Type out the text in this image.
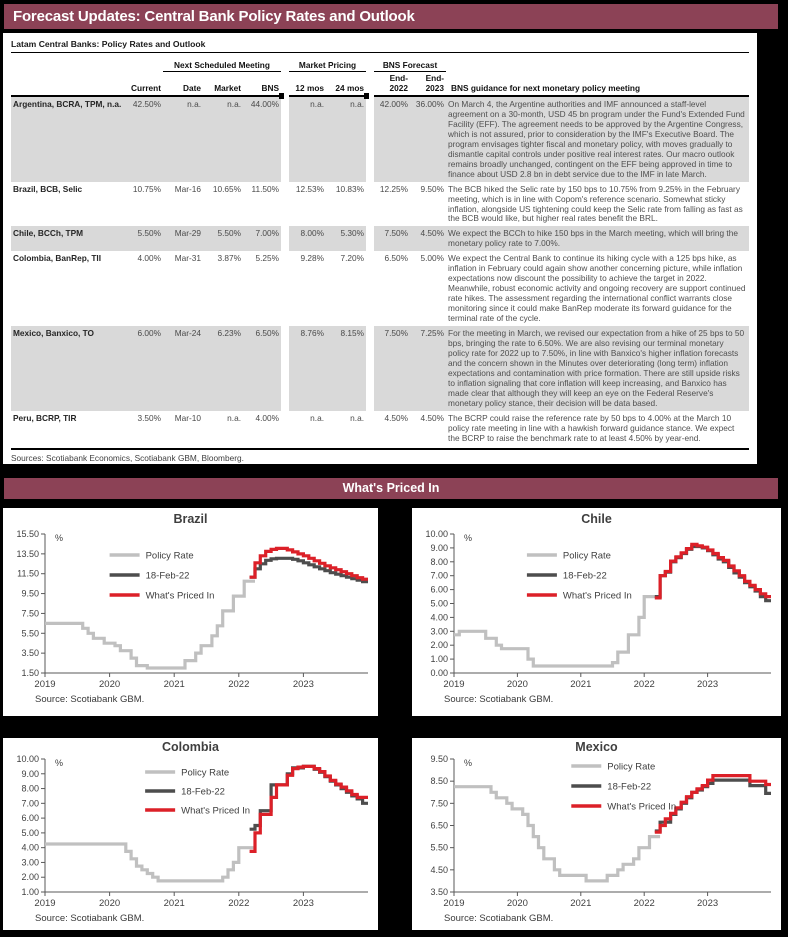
Forecast Updates: Central Bank Policy Rates and Outlook
Latam Central Banks: Policy Rates and Outlook
		Next Scheduled Meeting				Market Pricing			BNS Forecast		
	Current	Date	Market	BNS		12 mos	24 mos		End-2022	End-2023	BNS guidance for next monetary policy meeting
Argentina, BCRA, TPM, n.a.	42.50%	n.a.	n.a.	44.00%		n.a.	n.a.		42.00%	36.00%	On March 4, the Argentine authorities and IMF announced a staff-level agreement on a 30-month, USD 45 bn program under the Fund's Extended Fund Facility (EFF). The agreement needs to be approved by the Argentine Congress, which is not assured, prior to consideration by the IMF's Executive Board. The program envisages tighter fiscal and monetary policy, with moves gradually to dismantle capital controls under positive real interest rates. Our macro outlook remains broadly unchanged, contingent on the EFF being approved in time to finance about USD 2.8 bn in debt service due to the IMF in late March.
Brazil, BCB, Selic	10.75%	Mar-16	10.65%	11.50%		12.53%	10.83%		12.25%	9.50%	The BCB hiked the Selic rate by 150 bps to 10.75% from 9.25% in the February meeting, which is in line with Copom's reference scenario. Somewhat sticky inflation, alongside US tightening could keep the Selic rate from falling as fast as the BCB would like, but higher real rates benefit the BRL.
Chile, BCCh, TPM	5.50%	Mar-29	5.50%	7.00%		8.00%	5.30%		7.50%	4.50%	We expect the BCCh to hike 150 bps in the March meeting, which will bring the monetary policy rate to 7.00%.
Colombia, BanRep, TII	4.00%	Mar-31	3.87%	5.25%		9.28%	7.20%		6.50%	5.00%	We expect the Central Bank to continue its hiking cycle with a 125 bps hike, as inflation in February could again show another concerning picture, while inflation expectations now discount the possibility to achieve the target in 2022. Meanwhile, robust economic activity and ongoing recovery are support continued rate hikes. The assessment regarding the international conflict warrants close monitoring since it could make BanRep moderate its forward guidance for the terminal rate of the cycle.
Mexico, Banxico, TO	6.00%	Mar-24	6.23%	6.50%		8.76%	8.15%		7.50%	7.25%	For the meeting in March, we revised our expectation from a hike of 25 bps to 50 bps, bringing the rate to 6.50%. We are also revising our terminal monetary policy rate for 2022 up to 7.50%, in line with Banxico's higher inflation forecasts and the concern shown in the Minutes over deteriorating (long term) inflation expectations and contamination with price formation. There are still upside risks to inflation signaling that core inflation will keep increasing, and Banxico has made clear that although they will keep an eye on the Federal Reserve's monetary policy stance, their decision will be data based.
Peru, BCRP, TIR	3.50%	Mar-10	n.a.	4.00%		n.a.	n.a.		4.50%	4.50%	The BCRP could raise the reference rate by 50 bps to 4.00% at the March 10 policy rate meeting in line with a hawkish forward guidance stance. We expect the BCRP to raise the benchmark rate to at least 4.50% by year-end.
Sources: Scotiabank Economics, Scotiabank GBM, Bloomberg.
What's Priced In
Brazil
1.50
3.50
5.50
7.50
9.50
11.50
13.50
15.50
2019	2020	2021	2022	2023
%
Policy Rate
18-Feb-22
What's Priced In
Source: Scotiabank GBM.
Chile
0.00
1.00
2.00
3.00
4.00
5.00
6.00
7.00
8.00
9.00
10.00
2019	2020	2021	2022	2023
%
Policy Rate
18-Feb-22
What's Priced In
Source: Scotiabank GBM.
Colombia
1.00
2.00
3.00
4.00
5.00
6.00
7.00
8.00
9.00
10.00
2019	2020	2021	2022	2023
%
Policy Rate
18-Feb-22
What's Priced In
Source: Scotiabank GBM.
Mexico
3.50
4.50
5.50
6.50
7.50
8.50
9.50
2019	2020	2021	2022	2023
%	Policy Rate
18-Feb-22
What's Priced In
Source: Scotiabank GBM.
